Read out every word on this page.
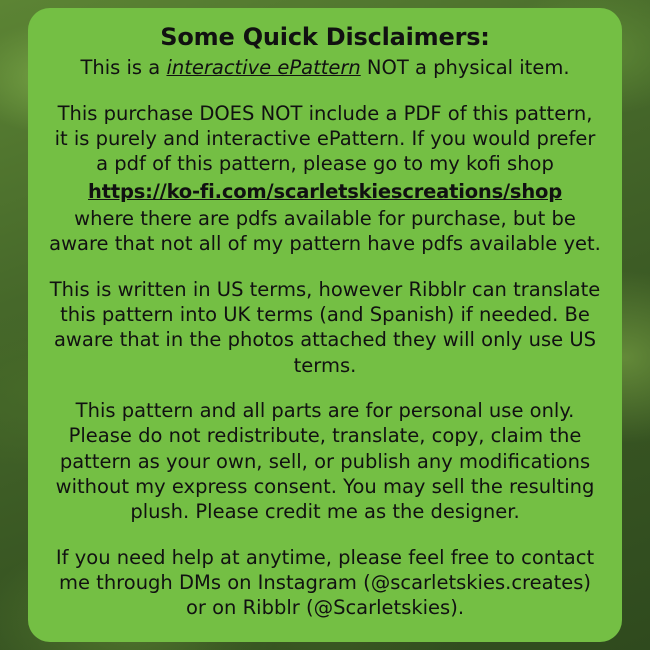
Some Quick Disclaimers:

This is a interactive ePattern NOT a physical item.

This purchase DOES NOT include a PDF of this pattern, it is purely and interactive ePattern. If you would prefer a pdf of this pattern, please go to my kofi shop

https://ko-fi.com/scarletskiescreations/shop

where there are pdfs available for purchase, but be aware that not all of my pattern have pdfs available yet.

This is written in US terms, however Ribblr can translate this pattern into UK terms (and Spanish) if needed. Be aware that in the photos attached they will only use US terms.

This pattern and all parts are for personal use only. Please do not redistribute, translate, copy, claim the pattern as your own, sell, or publish any modifications without my express consent. You may sell the resulting plush. Please credit me as the designer.

If you need help at anytime, please feel free to contact me through DMs on Instagram (@scarletskies.creates) or on Ribblr (@Scarletskies).
